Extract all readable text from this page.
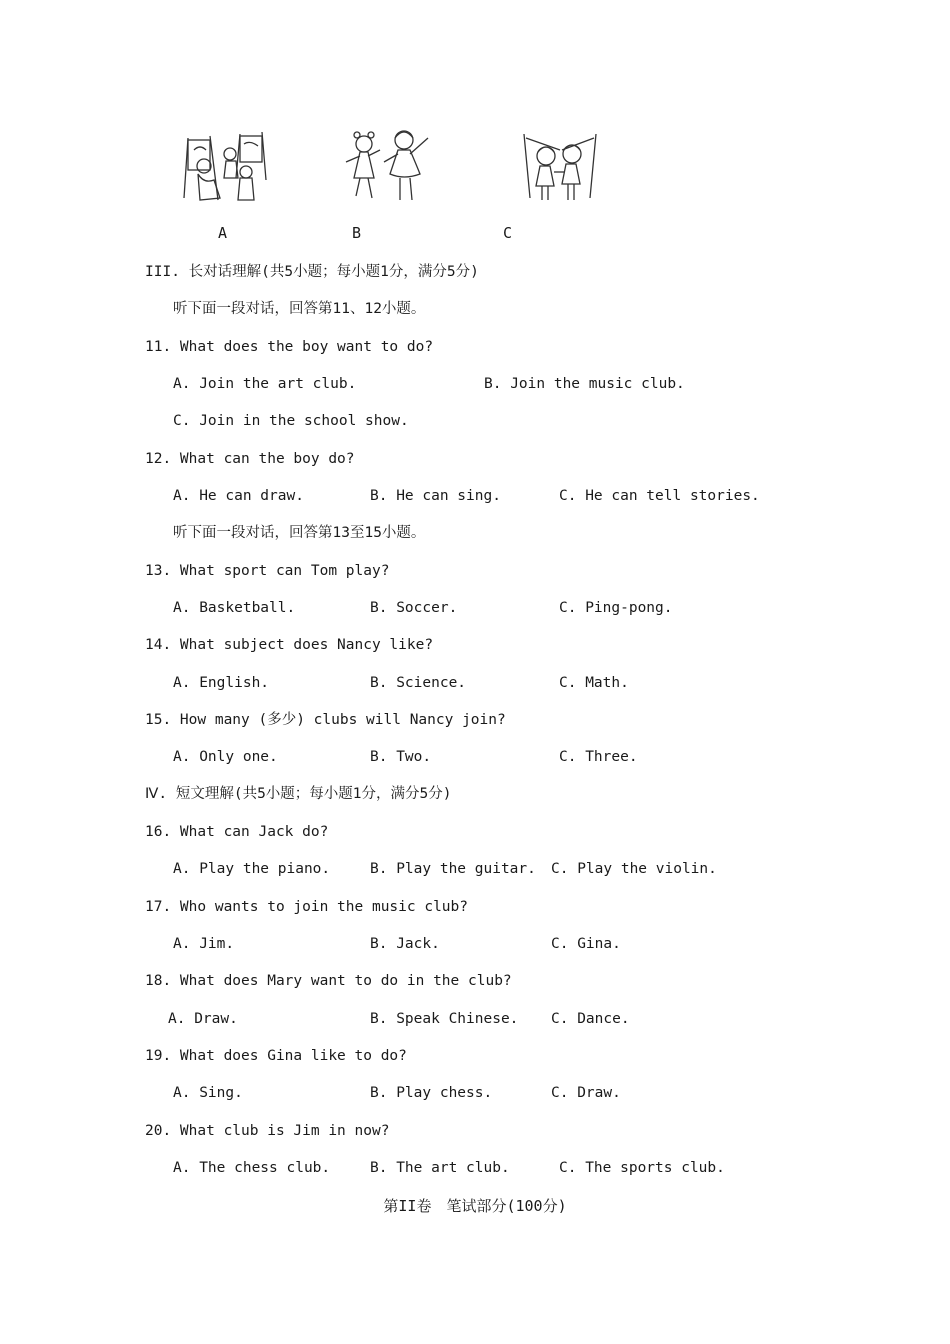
A	B	C
III. 长对话理解(共5小题；每小题1分，满分5分)
听下面一段对话，回答第11、12小题。
11. What does the boy want to do?
A. Join the art club.	B. Join the music club.
C. Join in the school show.
12. What can the boy do?
A. He can draw.	B. He can sing.	C. He can tell stories.
听下面一段对话，回答第13至15小题。
13. What sport can Tom play?
A. Basketball.	B. Soccer.	C. Ping-pong.
14. What subject does Nancy like?
A. English.	B. Science.	C. Math.
15. How many (多少) clubs will Nancy join?
A. Only one.	B. Two.	C. Three.
Ⅳ. 短文理解(共5小题；每小题1分，满分5分)
16. What can Jack do?
A. Play the piano.	B. Play the guitar. C. Play the violin.
17. Who wants to join the music club?
A. Jim.	B. Jack.	C. Gina.
18. What does Mary want to do in the club?
A. Draw.	B. Speak Chinese. C. Dance.
19. What does Gina like to do?
A. Sing.	B. Play chess.	C. Draw.
20. What club is Jim in now?
A. The chess club.	B. The art club.	C. The sports club.
第II卷　笔试部分(100分)
